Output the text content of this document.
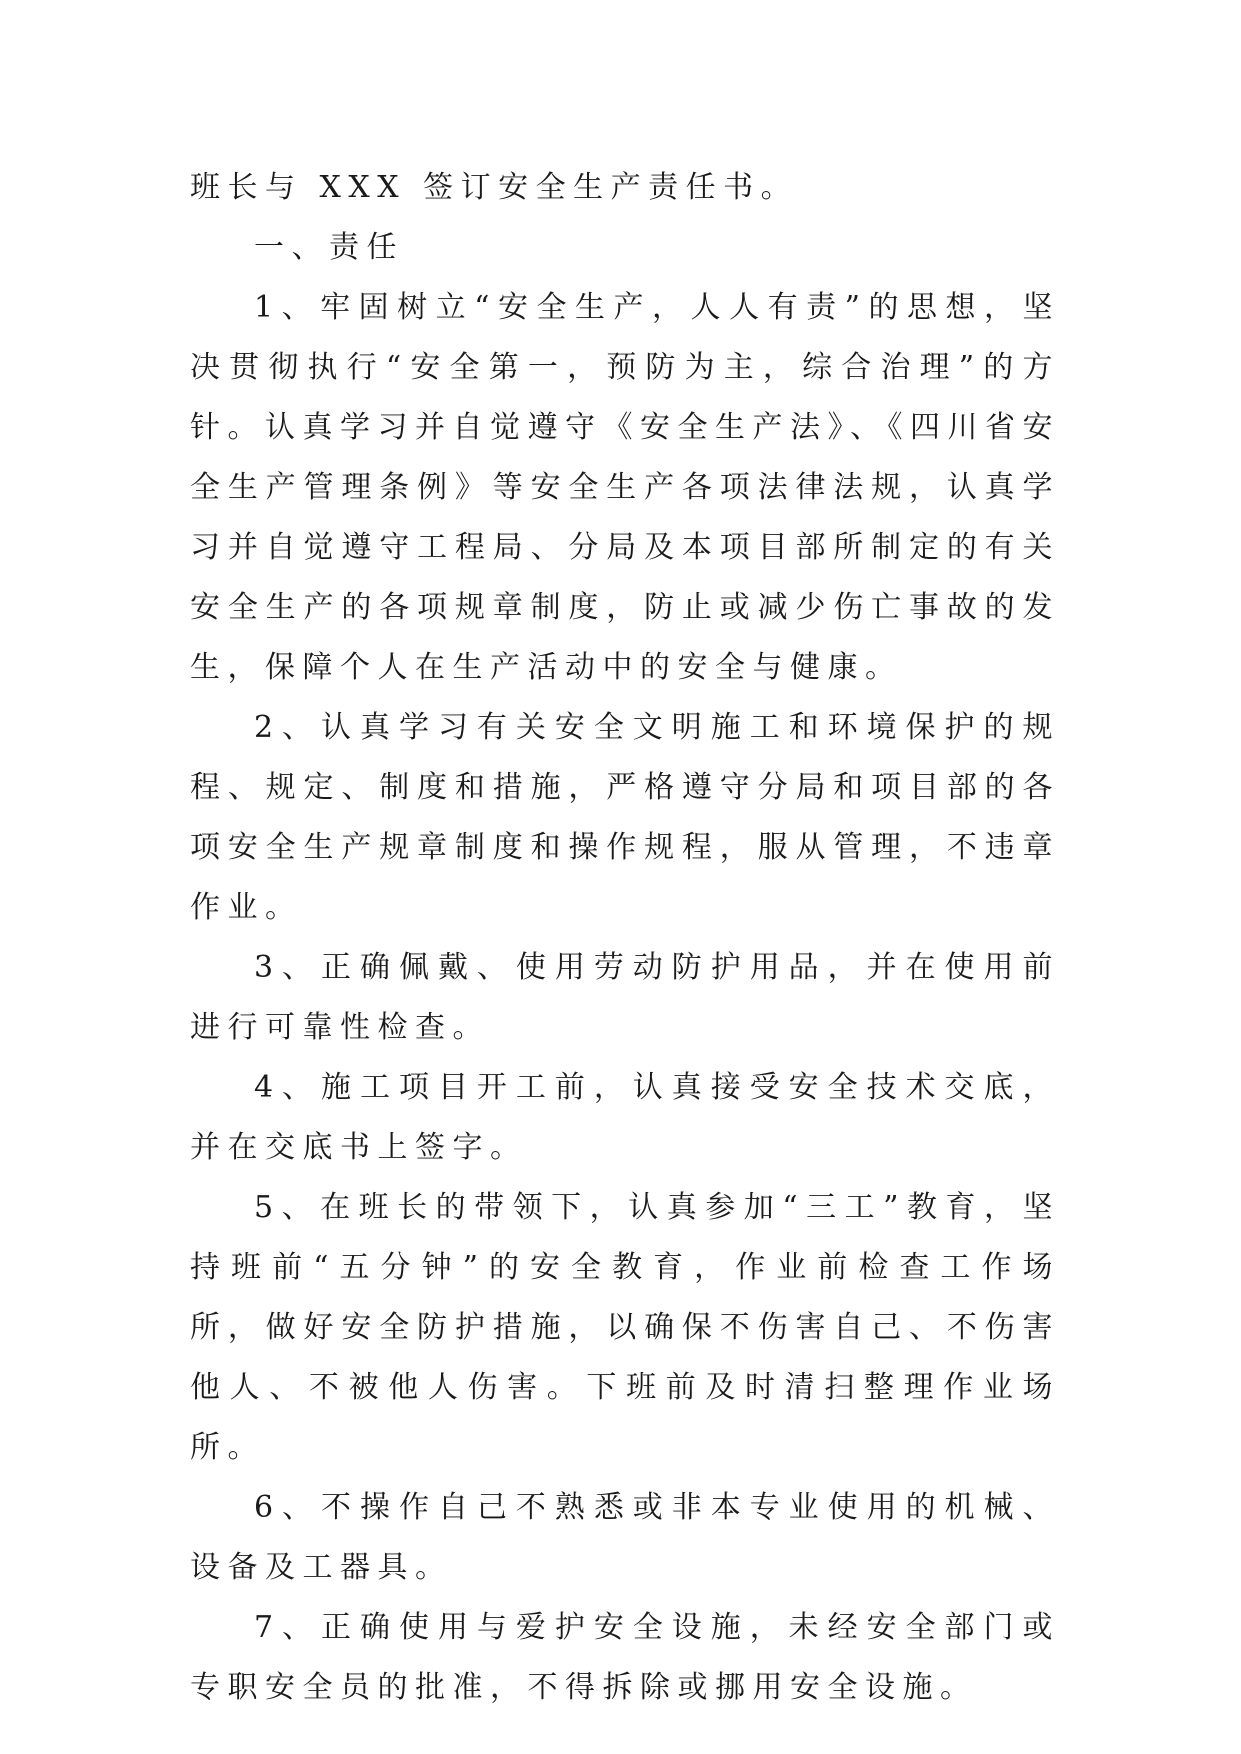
班长与 XXX 签订安全生产责任书。

一、责任

1、牢固树立“安全生产，人人有责”的思想，坚决贯彻执行“安全第一，预防为主，综合治理”的方针。认真学习并自觉遵守《安全生产法》、《四川省安全生产管理条例》等安全生产各项法律法规，认真学习并自觉遵守工程局、分局及本项目部所制定的有关安全生产的各项规章制度，防止或减少伤亡事故的发生，保障个人在生产活动中的安全与健康。

2、认真学习有关安全文明施工和环境保护的规程、规定、制度和措施，严格遵守分局和项目部的各项安全生产规章制度和操作规程，服从管理，不违章作业。

3、正确佩戴、使用劳动防护用品，并在使用前进行可靠性检查。

4、施工项目开工前，认真接受安全技术交底，并在交底书上签字。

5、在班长的带领下，认真参加“三工”教育，坚持班前“五分钟”的安全教育，作业前检查工作场所，做好安全防护措施，以确保不伤害自己、不伤害他人、不被他人伤害。下班前及时清扫整理作业场所。

6、不操作自己不熟悉或非本专业使用的机械、设备及工器具。

7、正确使用与爱护安全设施，未经安全部门或专职安全员的批准，不得拆除或挪用安全设施。
